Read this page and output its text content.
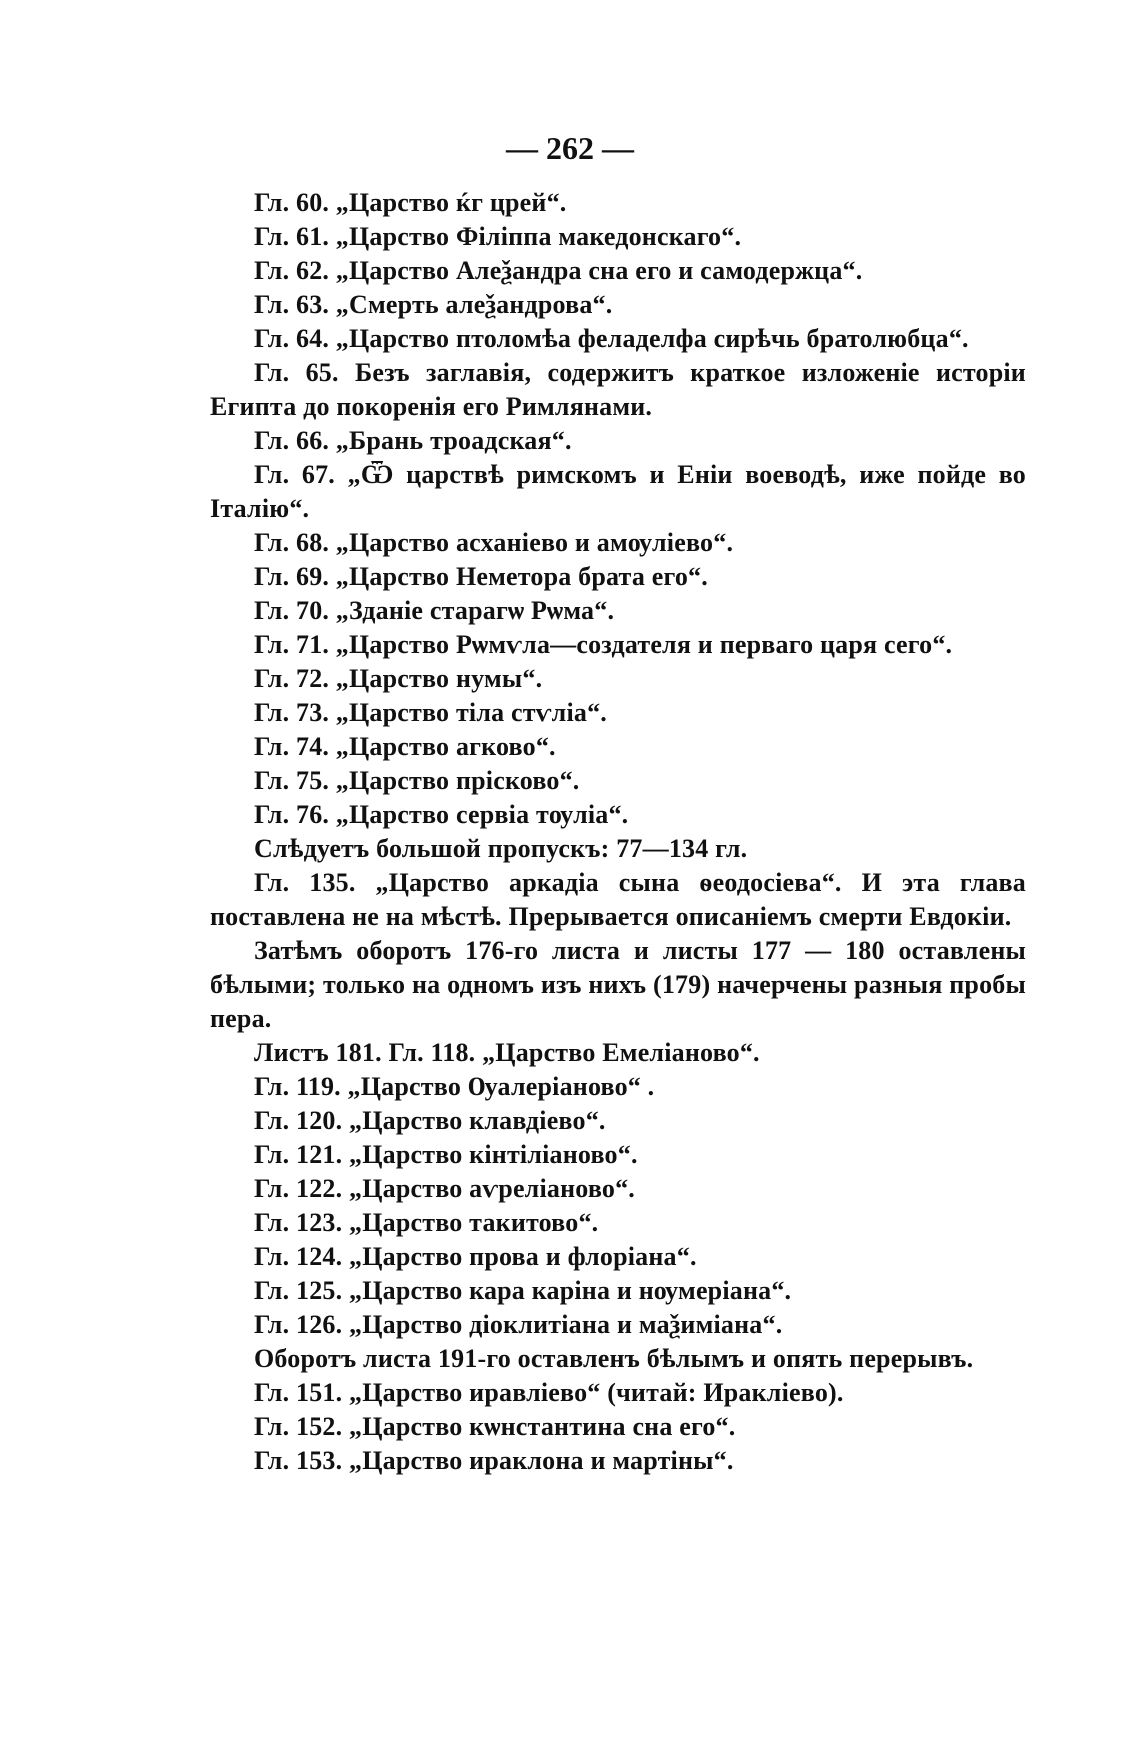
— 262 —
Гл. 60. „Царство ќг црей“.
Гл. 61. „Царство Філіппа македонскаго“.
Гл. 62. „Царство Алеѯандра сна его и самодержца“.
Гл. 63. „Смерть алеѯандрова“.
Гл. 64. „Царство птоломѣа феладелфа сирѣчь братолюбца“.
Гл. 65. Безъ заглавія, содержитъ краткое изложеніе исторіи Египта до покоренія его Римлянами.
Гл. 66. „Брань троадская“.
Гл. 67. „Ѿ царствѣ римскомъ и Еніи воеводѣ, иже пойде во Італію“.
Гл. 68. „Царство асханіево и амѹліево“.
Гл. 69. „Царство Неметора брата его“.
Гл. 70. „Зданіе старагѡ Рѡма“.
Гл. 71. „Царство Рѡмѵла—создателя и перваго царя сего“.
Гл. 72. „Царство нумы“.
Гл. 73. „Царство тіла стѵліа“.
Гл. 74. „Царство агково“.
Гл. 75. „Царство прісково“.
Гл. 76. „Царство сервіа тѹліа“.
Слѣдуетъ большой пропускъ: 77—134 гл.
Гл. 135. „Царство аркадіа сына ѳеодосіева“. И эта глава поставлена не на мѣстѣ. Прерывается описаніемъ смерти Евдокіи.
Затѣмъ оборотъ 176-го листа и листы 177 — 180 оставлены бѣлыми; только на одномъ изъ нихъ (179) начерчены разныя пробы пера.
Листъ 181. Гл. 118. „Царство Емеліаново“.
Гл. 119. „Царство Ѹалеріаново“ .
Гл. 120. „Царство клавдіево“.
Гл. 121. „Царство кінтіліаново“.
Гл. 122. „Царство аѵреліаново“.
Гл. 123. „Царство такитово“.
Гл. 124. „Царство прова и флоріана“.
Гл. 125. „Царство кара каріна и нѹмеріана“.
Гл. 126. „Царство діоклитіана и маѯиміана“.
Оборотъ листа 191-го оставленъ бѣлымъ и опять перерывъ.
Гл. 151. „Царство иравліево“ (читай: Иракліево).
Гл. 152. „Царство кѡнстантина сна его“.
Гл. 153. „Царство ираклона и мартіны“.
